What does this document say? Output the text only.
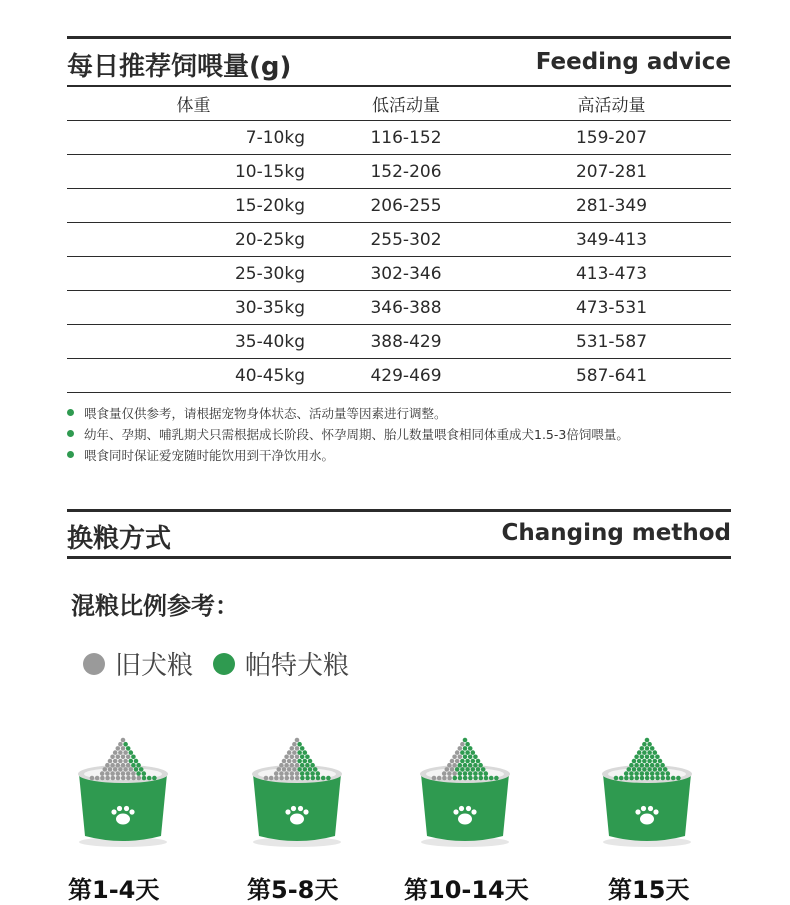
每日推荐饲喂量(g)	Feeding advice
体重	低活动量	高活动量
7-10kg	116-152	159-207
10-15kg	152-206	207-281
15-20kg	206-255	281-349
20-25kg	255-302	349-413
25-30kg	302-346	413-473
30-35kg	346-388	473-531
35-40kg	388-429	531-587
40-45kg	429-469	587-641
喂食量仅供参考，请根据宠物身体状态、活动量等因素进行调整。
幼年、孕期、哺乳期犬只需根据成长阶段、怀孕周期、胎儿数量喂食相同体重成犬1.5-3倍饲喂量。
喂食同时保证爱宠随时能饮用到干净饮用水。
换粮方式	Changing method
混粮比例参考：
旧犬粮 帕特犬粮
第1-4天	第5-8天	第10-14天	第15天
